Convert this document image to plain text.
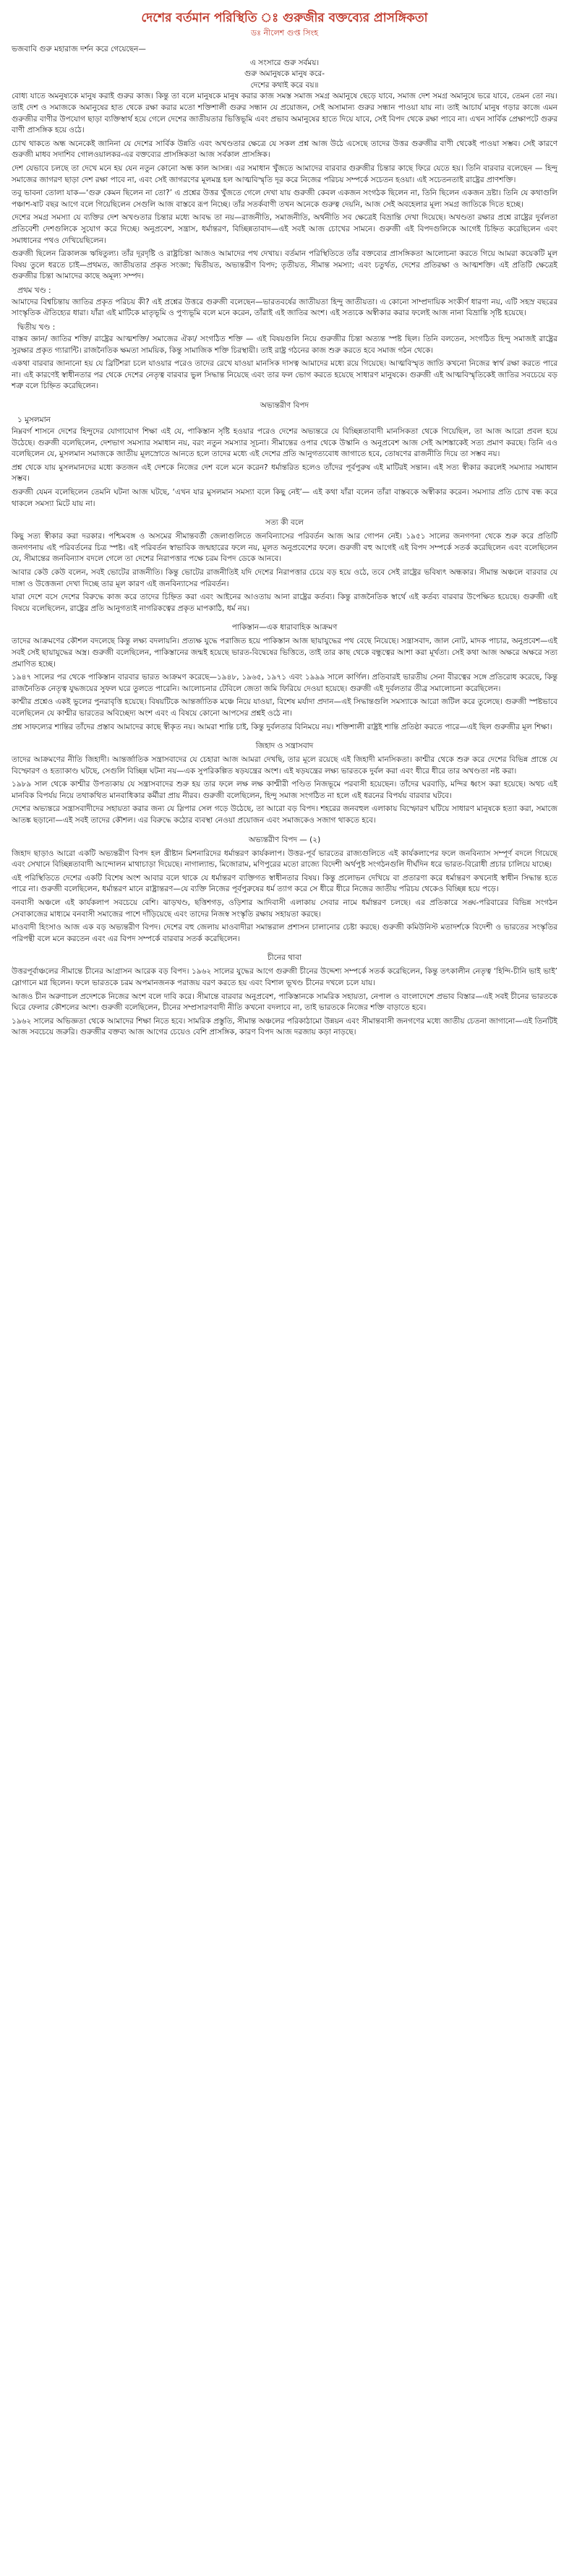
দেশের বর্তমান পরিস্থিতি ঃ গুরুজীর বক্তব্যের প্রাসঙ্গিকতা
ডঃ নীলেশ গুপ্ত সিংহ

ভজবাবি গুরু মহারাজ দর্শন করে গেয়েছেন—

এ সংসারে গুরু সর্বময়।

গুরু অমানুষকে মানুষ করে-

দেশের কথাই করে বয়॥

বোধ্য যাতে অমনুষ্যকে মানুষ করাই গুরুর কাজ। কিন্তু তা বলে মানুষকে মানুষ করার কাজ সমস্ত সমাজ সমগ্র অমানুষে ছেড়ে যাবে, সমাজ দেশ সমগ্র অমানুষে ভরে যাবে, তেমন তো নয়। তাই দেশ ও সমাজকে অমানুষের হাত থেকে রক্ষা করার মতো শক্তিশালী গুরুর সন্ধান যে প্রয়োজন, সেই অসামান্য গুরুর সন্ধান পাওয়া যায় না। তাই আচার্য মানুষ গড়ার কাজে এমন গুরুজীর বাণীর উপযোগ ছাড়া ব্যক্তিস্বার্থ হয়ে গেলে দেশের জাতীয়তার ভিত্তিভূমি এবং প্রভাব অমানুষের হাতে দিয়ে যাবে, সেই বিপদ থেকে রক্ষা পাবে না। এখন সার্বিক প্রেক্ষাপটে গুরুর বাণী প্রাসঙ্গিক হয়ে ওঠে।

চোখ থাকতে অন্ধ অনেকেই জানিনা যে দেশের সার্বিক উন্নতি এবং অখণ্ডতার ক্ষেত্রে যে সকল প্রশ্ন আজ উঠে এসেছে তাদের উত্তর গুরুজীর বাণী থেকেই পাওয়া সম্ভব। সেই কারণে গুরুজী মাধব সদাশিব গোলওয়ালকর-এর বক্তব্যের প্রাসঙ্গিকতা আজ সর্বকাল প্রাসঙ্গিক।

দেশ যেভাবে চলছে তা দেখে মনে হয় যেন নতুন কোনো অন্ধ কাল আসন্ন। এর সমাধান খুঁজতে আমাদের বারবার গুরুজীর চিন্তার কাছে ফিরে যেতে হয়। তিনি বারবার বলেছেন — হিন্দু সমাজের জাগরণ ছাড়া দেশ রক্ষা পাবে না, এবং সেই জাগরণের মূলমন্ত্র হল আত্মবিস্মৃতি দূর করে নিজের পরিচয় সম্পর্কে সচেতন হওয়া। এই সচেতনতাই রাষ্ট্রের প্রাণশক্তি।

তবু ভাবনা তোলা যাক—‘গুরু কেমন ছিলেন না তো?’ এ প্রশ্নের উত্তর খুঁজতে গেলে দেখা যায় গুরুজী কেবল একজন সংগঠক ছিলেন না, তিনি ছিলেন একজন দ্রষ্টা। তিনি যে কথাগুলি পঞ্চাশ-ষাট বছর আগে বলে গিয়েছিলেন সেগুলি আজ বাস্তবে রূপ নিচ্ছে। তাঁর সতর্কবাণী তখন অনেকে গুরুত্ব দেয়নি, আজ সেই অবহেলার মূল্য সমগ্র জাতিকে দিতে হচ্ছে।

দেশের সমগ্র সমস্যা যে ব্যক্তির দেশ অখণ্ডতার চিন্তার মধ্যে আবদ্ধ তা নয়—রাজনীতি, সমাজনীতি, অর্থনীতি সব ক্ষেত্রেই বিভ্রান্তি দেখা দিয়েছে। অখণ্ডতা রক্ষার প্রশ্নে রাষ্ট্রের দুর্বলতা প্রতিবেশী দেশগুলিকে সুযোগ করে দিচ্ছে। অনুপ্রবেশ, সন্ত্রাস, ধর্মান্তরণ, বিচ্ছিন্নতাবাদ—এই সবই আজ চোখের সামনে। গুরুজী এই বিপদগুলিকে আগেই চিহ্নিত করেছিলেন এবং সমাধানের পথও দেখিয়েছিলেন।

গুরুজী ছিলেন ত্রিকালজ্ঞ ঋষিতুল্য। তাঁর দূরদৃষ্টি ও রাষ্ট্রচিন্তা আজও আমাদের পথ দেখায়। বর্তমান পরিস্থিতিতে তাঁর বক্তব্যের প্রাসঙ্গিকতা আলোচনা করতে গিয়ে আমরা কয়েকটি মূল বিষয় তুলে ধরতে চাই—প্রথমত, জাতীয়তার প্রকৃত সংজ্ঞা; দ্বিতীয়ত, অভ্যন্তরীণ বিপদ; তৃতীয়ত, সীমান্ত সমস্যা; এবং চতুর্থত, দেশের প্রতিরক্ষা ও আত্মশক্তি। এই প্রতিটি ক্ষেত্রেই গুরুজীর চিন্তা আমাদের কাছে অমূল্য সম্পদ।

প্রথম খণ্ড :

আমাদের বিশ্বচিন্তায় জাতির প্রকৃত পরিচয় কী? এই প্রশ্নের উত্তরে গুরুজী বলেছেন—ভারতবর্ষের জাতীয়তা হিন্দু জাতীয়তা। এ কোনো সাম্প্রদায়িক সংকীর্ণ ধারণা নয়, এটি সহস্র বছরের সাংস্কৃতিক ঐতিহ্যের ধারা। যাঁরা এই মাটিকে মাতৃভূমি ও পুণ্যভূমি বলে মনে করেন, তাঁরাই এই জাতির অংশ। এই সত্যকে অস্বীকার করার ফলেই আজ নানা বিভ্রান্তি সৃষ্টি হয়েছে।

দ্বিতীয় খণ্ড :

বাস্তব জ্ঞান/ জাতির শক্তি/ রাষ্ট্রের আত্মশক্তি/ সমাজের ঐক্য/ সংগঠিত শক্তি — এই বিষয়গুলি নিয়ে গুরুজীর চিন্তা অত্যন্ত স্পষ্ট ছিল। তিনি বলতেন, সংগঠিত হিন্দু সমাজই রাষ্ট্রের সুরক্ষার প্রকৃত গ্যারান্টি। রাজনৈতিক ক্ষমতা সাময়িক, কিন্তু সামাজিক শক্তি চিরস্থায়ী। তাই রাষ্ট্র গঠনের কাজ শুরু করতে হবে সমাজ গঠন থেকে।

একথা বারবার জানানো হয় যে ব্রিটিশরা চলে যাওয়ার পরেও তাদের রেখে যাওয়া মানসিক দাসত্ব আমাদের মধ্যে রয়ে গিয়েছে। আত্মবিস্মৃত জাতি কখনো নিজের স্বার্থ রক্ষা করতে পারে না। এই কারণেই স্বাধীনতার পর থেকে দেশের নেতৃত্ব বারবার ভুল সিদ্ধান্ত নিয়েছে এবং তার ফল ভোগ করতে হয়েছে সাধারণ মানুষকে। গুরুজী এই আত্মবিস্মৃতিকেই জাতির সবচেয়ে বড় শত্রু বলে চিহ্নিত করেছিলেন।

অভ্যন্তরীণ বিপদ
১ মুসলমান

নিম্নবর্গ শাসনে দেশের হিন্দুদের যোগাযোগ শিক্ষা এই যে, পাকিস্তান সৃষ্টি হওয়ার পরেও দেশের অভ্যন্তরে যে বিচ্ছিন্নতাবাদী মানসিকতা থেকে গিয়েছিল, তা আজ আরো প্রবল হয়ে উঠেছে। গুরুজী বলেছিলেন, দেশভাগ সমস্যার সমাধান নয়, বরং নতুন সমস্যার সূচনা। সীমান্তের ওপার থেকে উস্কানি ও অনুপ্রবেশ আজ সেই আশঙ্কাকেই সত্য প্রমাণ করছে। তিনি এও বলেছিলেন যে, মুসলমান সমাজকে জাতীয় মূলস্রোতে আনতে হলে তাদের মধ্যে এই দেশের প্রতি আনুগত্যবোধ জাগাতে হবে, তোষণের রাজনীতি দিয়ে তা সম্ভব নয়।

প্রশ্ন থেকে যায় মুসলমানদের মধ্যে কতজন এই দেশকে নিজের দেশ বলে মনে করেন? ধর্মান্তরিত হলেও তাঁদের পূর্বপুরুষ এই মাটিরই সন্তান। এই সত্য স্বীকার করলেই সমস্যার সমাধান সম্ভব।

গুরুজী যেমন বলেছিলেন তেমনি ঘটনা আজ ঘটছে, ‘এখন যার মুসলমান সমস্যা বলে কিছু নেই’— এই কথা যাঁরা বলেন তাঁরা বাস্তবকে অস্বীকার করেন। সমস্যার প্রতি চোখ বন্ধ করে থাকলে সমস্যা মিটে যায় না।

সত্য কী বলে

কিছু সত্য স্বীকার করা দরকার। পশ্চিমবঙ্গ ও অসমের সীমান্তবর্তী জেলাগুলিতে জনবিন্যাসের পরিবর্তন আজ আর গোপন নেই। ১৯৫১ সালের জনগণনা থেকে শুরু করে প্রতিটি জনগণনায় এই পরিবর্তনের চিত্র স্পষ্ট। এই পরিবর্তন স্বাভাবিক জন্মহারের ফলে নয়, মূলত অনুপ্রবেশের ফলে। গুরুজী বহু আগেই এই বিপদ সম্পর্কে সতর্ক করেছিলেন এবং বলেছিলেন যে, সীমান্তের জনবিন্যাস বদলে গেলে তা দেশের নিরাপত্তার পক্ষে চরম বিপদ ডেকে আনবে।

আবার কেউ কেউ বলেন, সবই ভোটের রাজনীতি। কিন্তু ভোটের রাজনীতিই যদি দেশের নিরাপত্তার চেয়ে বড় হয়ে ওঠে, তবে সেই রাষ্ট্রের ভবিষ্যৎ অন্ধকার। সীমান্ত অঞ্চলে বারবার যে দাঙ্গা ও উত্তেজনা দেখা দিচ্ছে তার মূল কারণ এই জনবিন্যাসের পরিবর্তন।

যারা দেশে বসে দেশের বিরুদ্ধে কাজ করে তাদের চিহ্নিত করা এবং আইনের আওতায় আনা রাষ্ট্রের কর্তব্য। কিন্তু রাজনৈতিক স্বার্থে এই কর্তব্য বারবার উপেক্ষিত হয়েছে। গুরুজী এই বিষয়ে বলেছিলেন, রাষ্ট্রের প্রতি আনুগত্যই নাগরিকত্বের প্রকৃত মাপকাঠি, ধর্ম নয়।

পাকিস্তান—এক ধারাবাহিক আক্রমণ

তাদের আক্রমণের কৌশল বদলেছে কিন্তু লক্ষ্য বদলায়নি। প্রত্যক্ষ যুদ্ধে পরাজিত হয়ে পাকিস্তান আজ ছায়াযুদ্ধের পথ বেছে নিয়েছে। সন্ত্রাসবাদ, জাল নোট, মাদক পাচার, অনুপ্রবেশ—এই সবই সেই ছায়াযুদ্ধের অস্ত্র। গুরুজী বলেছিলেন, পাকিস্তানের জন্মই হয়েছে ভারত-বিদ্বেষের ভিত্তিতে, তাই তার কাছ থেকে বন্ধুত্বের আশা করা মূর্খতা। সেই কথা আজ অক্ষরে অক্ষরে সত্য প্রমাণিত হচ্ছে।

১৯৪৭ সালের পর থেকে পাকিস্তান বারবার ভারত আক্রমণ করেছে—১৯৪৮, ১৯৬৫, ১৯৭১ এবং ১৯৯৯ সালে কার্গিল। প্রতিবারই ভারতীয় সেনা বীরত্বের সঙ্গে প্রতিরোধ করেছে, কিন্তু রাজনৈতিক নেতৃত্ব যুদ্ধজয়ের সুফল ঘরে তুলতে পারেনি। আলোচনার টেবিলে জেতা জমি ফিরিয়ে দেওয়া হয়েছে। গুরুজী এই দুর্বলতার তীব্র সমালোচনা করেছিলেন।

কাশ্মীর প্রশ্নেও একই ভুলের পুনরাবৃত্তি হয়েছে। বিষয়টিকে আন্তর্জাতিক মঞ্চে নিয়ে যাওয়া, বিশেষ মর্যাদা প্রদান—এই সিদ্ধান্তগুলি সমস্যাকে আরো জটিল করে তুলেছে। গুরুজী স্পষ্টভাবে বলেছিলেন যে কাশ্মীর ভারতের অবিচ্ছেদ্য অংশ এবং এ বিষয়ে কোনো আপসের প্রশ্নই ওঠে না।

প্রশ্ন সাফল্যের শান্তির তাঁদের প্রস্তাব আমাদের কাছে স্বীকৃত নয়। আমরা শান্তি চাই, কিন্তু দুর্বলতার বিনিময়ে নয়। শক্তিশালী রাষ্ট্রই শান্তি প্রতিষ্ঠা করতে পারে—এই ছিল গুরুজীর মূল শিক্ষা।

জিহাদ ও সন্ত্রাসবাদ

তাদের আক্রমণের নীতি জিহাদী। আন্তর্জাতিক সন্ত্রাসবাদের যে চেহারা আজ আমরা দেখছি, তার মূলে রয়েছে এই জিহাদী মানসিকতা। কাশ্মীর থেকে শুরু করে দেশের বিভিন্ন প্রান্তে যে বিস্ফোরণ ও হত্যাকাণ্ড ঘটছে, সেগুলি বিচ্ছিন্ন ঘটনা নয়—এক সুপরিকল্পিত ষড়যন্ত্রের অংশ। এই ষড়যন্ত্রের লক্ষ্য ভারতকে দুর্বল করা এবং ধীরে ধীরে তার অখণ্ডতা নষ্ট করা।

১৯৮৯ সাল থেকে কাশ্মীর উপত্যকায় যে সন্ত্রাসবাদের শুরু হয় তার ফলে লক্ষ লক্ষ কাশ্মীরী পণ্ডিত নিজভূমে পরবাসী হয়েছেন। তাঁদের ঘরবাড়ি, মন্দির ধ্বংস করা হয়েছে। অথচ এই মানবিক বিপর্যয় নিয়ে তথাকথিত মানবাধিকার কর্মীরা প্রায় নীরব। গুরুজী বলেছিলেন, হিন্দু সমাজ সংগঠিত না হলে এই ধরনের বিপর্যয় বারবার ঘটবে।

দেশের অভ্যন্তরে সন্ত্রাসবাদীদের সহায়তা করার জন্য যে স্লিপার সেল গড়ে উঠেছে, তা আরো বড় বিপদ। শহরের জনবহুল এলাকায় বিস্ফোরণ ঘটিয়ে সাধারণ মানুষকে হত্যা করা, সমাজে আতঙ্ক ছড়ানো—এই সবই তাদের কৌশল। এর বিরুদ্ধে কঠোর ব্যবস্থা নেওয়া প্রয়োজন এবং সমাজকেও সজাগ থাকতে হবে।

অভ্যন্তরীণ বিপদ — (২)

জিহাদ ছাড়াও আরো একটি অভ্যন্তরীণ বিপদ হল খ্রীষ্টান মিশনারিদের ধর্মান্তরণ কার্যকলাপ। উত্তর-পূর্ব ভারতের রাজ্যগুলিতে এই কার্যকলাপের ফলে জনবিন্যাস সম্পূর্ণ বদলে গিয়েছে এবং সেখানে বিচ্ছিন্নতাবাদী আন্দোলন মাথাচাড়া দিয়েছে। নাগাল্যান্ড, মিজোরাম, মণিপুরের মতো রাজ্যে বিদেশী অর্থপুষ্ট সংগঠনগুলি দীর্ঘদিন ধরে ভারত-বিরোধী প্রচার চালিয়ে যাচ্ছে।

এই পরিস্থিতিতে দেশের একটি বিশেষ অংশ আবার বলে থাকে যে ধর্মান্তরণ ব্যক্তিগত স্বাধীনতার বিষয়। কিন্তু প্রলোভন দেখিয়ে বা প্রতারণা করে ধর্মান্তরণ কখনোই স্বাধীন সিদ্ধান্ত হতে পারে না। গুরুজী বলেছিলেন, ধর্মান্তরণ মানে রাষ্ট্রান্তরণ—যে ব্যক্তি নিজের পূর্বপুরুষের ধর্ম ত্যাগ করে সে ধীরে ধীরে নিজের জাতীয় পরিচয় থেকেও বিচ্ছিন্ন হয়ে পড়ে।

বনবাসী অঞ্চলে এই কার্যকলাপ সবচেয়ে বেশি। ঝাড়খণ্ড, ছত্তিশগড়, ওড়িশার আদিবাসী এলাকায় সেবার নামে ধর্মান্তরণ চলছে। এর প্রতিকারে সঙ্ঘ-পরিবারের বিভিন্ন সংগঠন সেবাকাজের মাধ্যমে বনবাসী সমাজের পাশে দাঁড়িয়েছে এবং তাদের নিজস্ব সংস্কৃতি রক্ষায় সহায়তা করছে।

মাওবাদী হিংসাও আজ এক বড় অভ্যন্তরীণ বিপদ। দেশের বহু জেলায় মাওবাদীরা সমান্তরাল প্রশাসন চালানোর চেষ্টা করছে। গুরুজী কমিউনিস্ট মতাদর্শকে বিদেশী ও ভারতের সংস্কৃতির পরিপন্থী বলে মনে করতেন এবং এর বিপদ সম্পর্কে বারবার সতর্ক করেছিলেন।

চীনের থাবা

উত্তরপূর্বাঞ্চলের সীমান্তে চীনের আগ্রাসন আরেক বড় বিপদ। ১৯৬২ সালের যুদ্ধের আগে গুরুজী চীনের উদ্দেশ্য সম্পর্কে সতর্ক করেছিলেন, কিন্তু তৎকালীন নেতৃত্ব ‘হিন্দি-চীনি ভাই ভাই’ স্লোগানে মগ্ন ছিলেন। ফলে ভারতকে চরম অপমানজনক পরাজয় বরণ করতে হয় এবং বিশাল ভূখণ্ড চীনের দখলে চলে যায়।

আজও চীন অরুণাচল প্রদেশকে নিজের অংশ বলে দাবি করে। সীমান্তে বারবার অনুপ্রবেশ, পাকিস্তানকে সামরিক সহায়তা, নেপাল ও বাংলাদেশে প্রভাব বিস্তার—এই সবই চীনের ভারতকে ঘিরে ফেলার কৌশলের অংশ। গুরুজী বলেছিলেন, চীনের সম্প্রসারণবাদী নীতি কখনো বদলাবে না, তাই ভারতকে নিজের শক্তি বাড়াতে হবে।

১৯৬২ সালের অভিজ্ঞতা থেকে আমাদের শিক্ষা নিতে হবে। সামরিক প্রস্তুতি, সীমান্ত অঞ্চলের পরিকাঠামো উন্নয়ন এবং সীমান্তবাসী জনগণের মধ্যে জাতীয় চেতনা জাগানো—এই তিনটিই আজ সবচেয়ে জরুরি। গুরুজীর বক্তব্য আজ আগের চেয়েও বেশি প্রাসঙ্গিক, কারণ বিপদ আজ দরজায় কড়া নাড়ছে।
